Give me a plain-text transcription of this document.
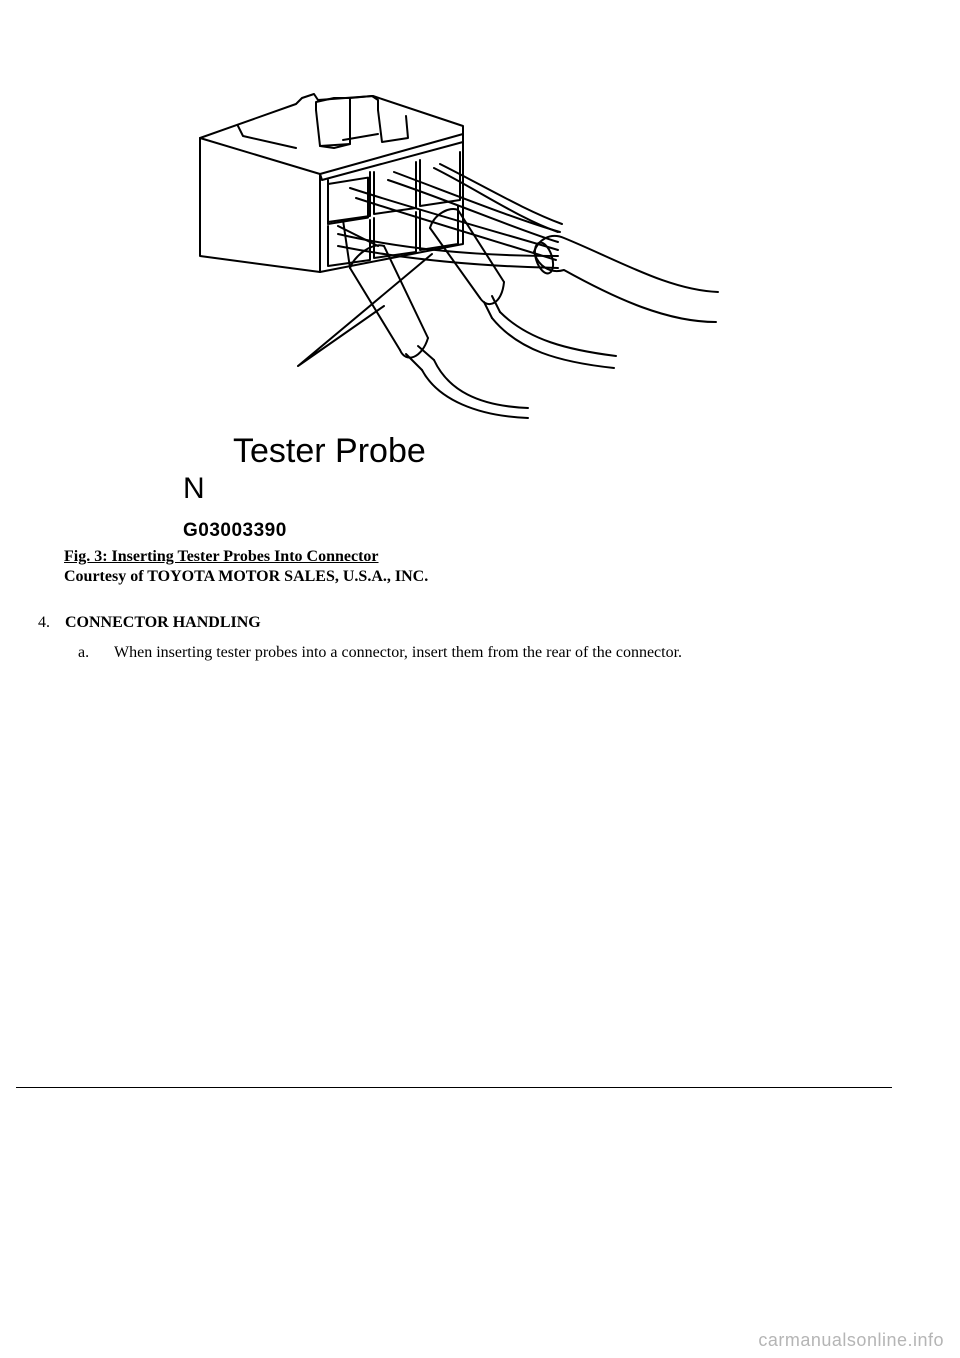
Tester Probe
N
G03003390
Fig. 3: Inserting Tester Probes Into Connector
Courtesy of TOYOTA MOTOR SALES, U.S.A., INC.
4. CONNECTOR HANDLING
a. When inserting tester probes into a connector, insert them from the rear of the connector.
carmanualsonline.info
